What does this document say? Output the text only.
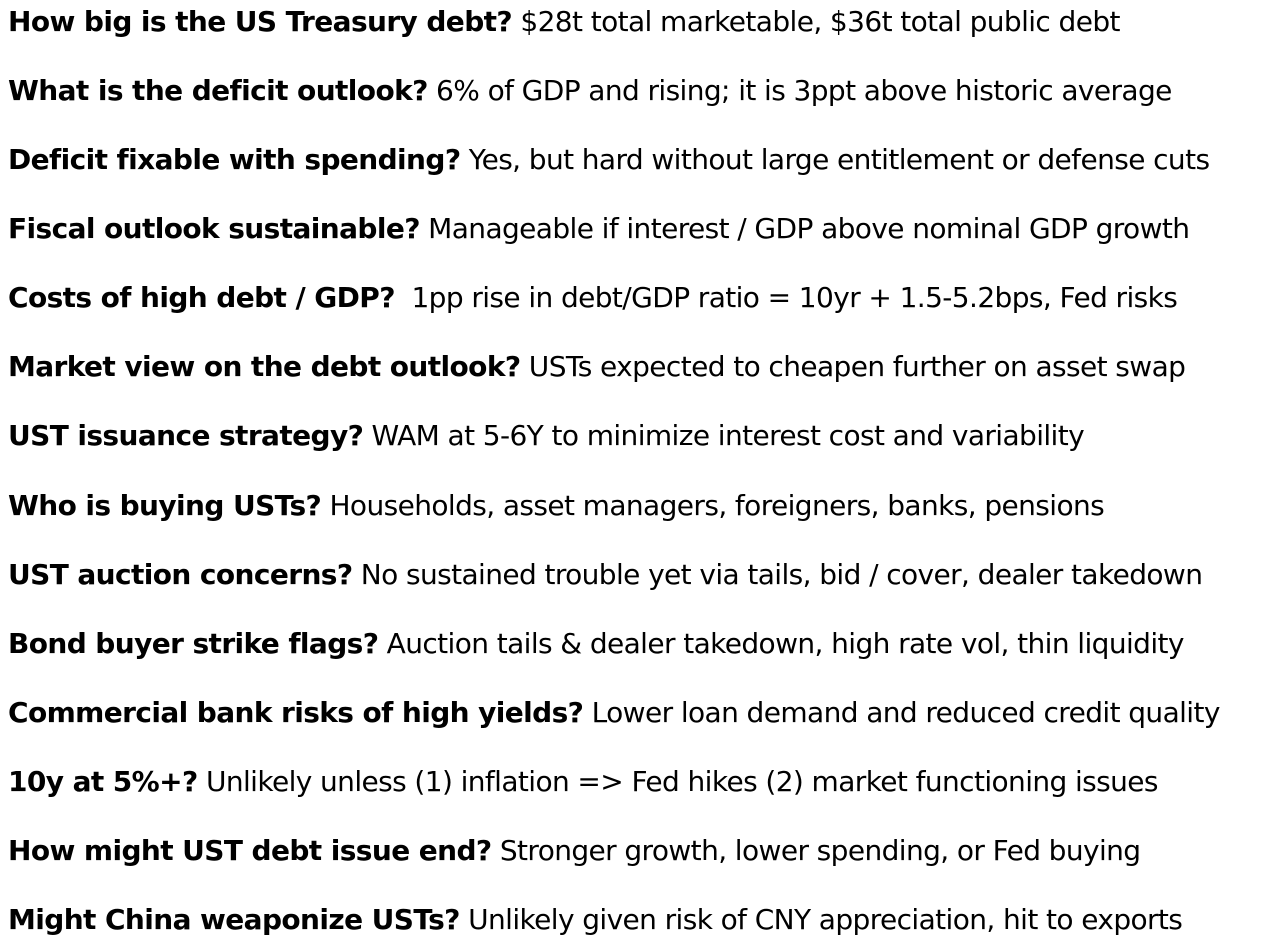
How big is the US Treasury debt? $28t total marketable, $36t total public debt
What is the deficit outlook? 6% of GDP and rising; it is 3ppt above historic average
Deficit fixable with spending? Yes, but hard without large entitlement or defense cuts
Fiscal outlook sustainable? Manageable if interest / GDP above nominal GDP growth
Costs of high debt / GDP?  1pp rise in debt/GDP ratio = 10yr + 1.5-5.2bps, Fed risks
Market view on the debt outlook? USTs expected to cheapen further on asset swap
UST issuance strategy? WAM at 5-6Y to minimize interest cost and variability
Who is buying USTs? Households, asset managers, foreigners, banks, pensions
UST auction concerns? No sustained trouble yet via tails, bid / cover, dealer takedown
Bond buyer strike flags? Auction tails & dealer takedown, high rate vol, thin liquidity
Commercial bank risks of high yields? Lower loan demand and reduced credit quality
10y at 5%+? Unlikely unless (1) inflation => Fed hikes (2) market functioning issues
How might UST debt issue end? Stronger growth, lower spending, or Fed buying
Might China weaponize USTs? Unlikely given risk of CNY appreciation, hit to exports
